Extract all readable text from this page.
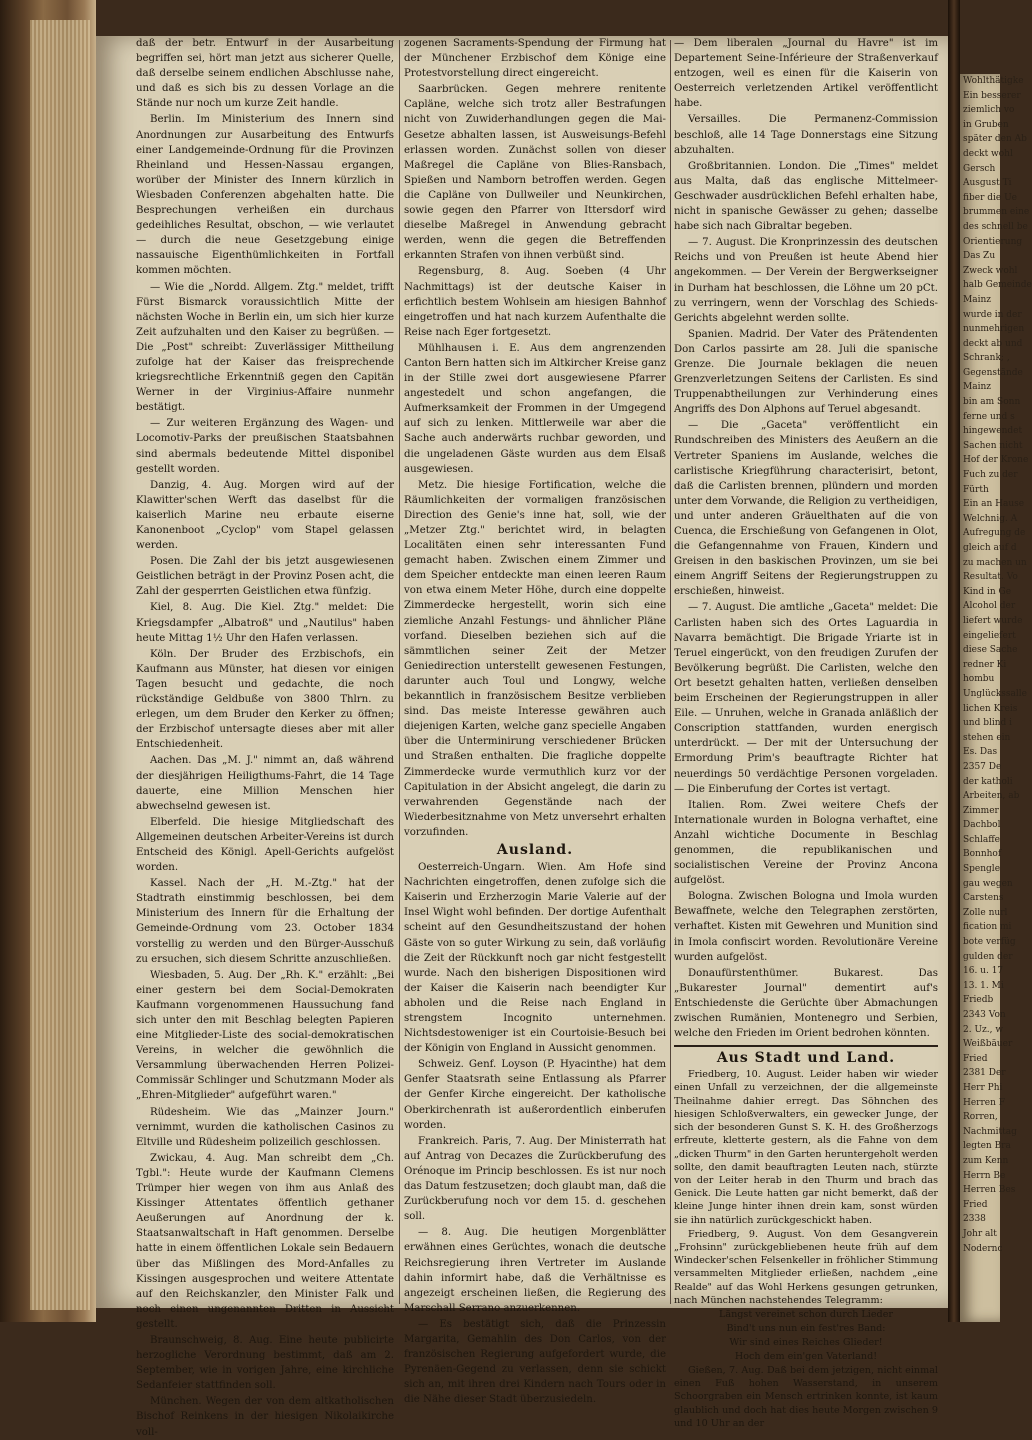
daß der betr. Entwurf in der Ausarbeitung begriffen sei, hört man jetzt aus sicherer Quelle, daß derselbe seinem endlichen Abschlusse nahe, und daß es sich bis zu dessen Vorlage an die Stände nur noch um kurze Zeit handle.

Berlin. Im Ministerium des Innern sind Anordnungen zur Ausarbeitung des Entwurfs einer Landgemeinde-Ordnung für die Provinzen Rheinland und Hessen-Nassau ergangen, worüber der Minister des Innern kürzlich in Wiesbaden Conferenzen abgehalten hatte. Die Besprechungen verheißen ein durchaus gedeihliches Resultat, obschon, — wie verlautet — durch die neue Gesetzgebung einige nassauische Eigenthümlichkeiten in Fortfall kommen möchten.

— Wie die „Nordd. Allgem. Ztg." meldet, trifft Fürst Bismarck voraussichtlich Mitte der nächsten Woche in Berlin ein, um sich hier kurze Zeit aufzuhalten und den Kaiser zu begrüßen. — Die „Post" schreibt: Zuverlässiger Mittheilung zufolge hat der Kaiser das freisprechende kriegsrechtliche Erkenntniß gegen den Capitän Werner in der Virginius-Affaire nunmehr bestätigt.

— Zur weiteren Ergänzung des Wagen- und Locomotiv-Parks der preußischen Staatsbahnen sind abermals bedeutende Mittel disponibel gestellt worden.

Danzig, 4. Aug. Morgen wird auf der Klawitter'schen Werft das daselbst für die kaiserlich Marine neu erbaute eiserne Kanonenboot „Cyclop" vom Stapel gelassen werden.

Posen. Die Zahl der bis jetzt ausgewiesenen Geistlichen beträgt in der Provinz Posen acht, die Zahl der gesperrten Geistlichen etwa fünfzig.

Kiel, 8. Aug. Die Kiel. Ztg." meldet: Die Kriegsdampfer „Albatroß" und „Nautilus" haben heute Mittag 1½ Uhr den Hafen verlassen.

Köln. Der Bruder des Erzbischofs, ein Kaufmann aus Münster, hat diesen vor einigen Tagen besucht und gedachte, die noch rückständige Geldbuße von 3800 Thlrn. zu erlegen, um dem Bruder den Kerker zu öffnen; der Erzbischof untersagte dieses aber mit aller Entschiedenheit.

Aachen. Das „M. J." nimmt an, daß während der diesjährigen Heiligthums-Fahrt, die 14 Tage dauerte, eine Million Menschen hier abwechselnd gewesen ist.

Elberfeld. Die hiesige Mitgliedschaft des Allgemeinen deutschen Arbeiter-Vereins ist durch Entscheid des Königl. Apell-Gerichts aufgelöst worden.

Kassel. Nach der „H. M.-Ztg." hat der Stadtrath einstimmig beschlossen, bei dem Ministerium des Innern für die Erhaltung der Gemeinde-Ordnung vom 23. October 1834 vorstellig zu werden und den Bürger-Ausschuß zu ersuchen, sich diesem Schritte anzuschließen.

Wiesbaden, 5. Aug. Der „Rh. K." erzählt: „Bei einer gestern bei dem Social-Demokraten Kaufmann vorgenommenen Haussuchung fand sich unter den mit Beschlag belegten Papieren eine Mitglieder-Liste des social-demokratischen Vereins, in welcher die gewöhnlich die Versammlung überwachenden Herren Polizei-Commissär Schlinger und Schutzmann Moder als „Ehren-Mitglieder" aufgeführt waren."

Rüdesheim. Wie das „Mainzer Journ." vernimmt, wurden die katholischen Casinos zu Eltville und Rüdesheim polizeilich geschlossen.

Zwickau, 4. Aug. Man schreibt dem „Ch. Tgbl.": Heute wurde der Kaufmann Clemens Trümper hier wegen von ihm aus Anlaß des Kissinger Attentates öffentlich gethaner Aeußerungen auf Anordnung der k. Staatsanwaltschaft in Haft genommen. Derselbe hatte in einem öffentlichen Lokale sein Bedauern über das Mißlingen des Mord-Anfalles zu Kissingen ausgesprochen und weitere Attentate auf den Reichskanzler, den Minister Falk und noch einen ungenannten Dritten in Aussicht gestellt.

Braunschweig, 8. Aug. Eine heute publicirte herzogliche Verordnung bestimmt, daß am 2. September, wie in vorigen Jahre, eine kirchliche Sedanfeier stattfinden soll.

München. Wegen der von dem altkatholischen Bischof Reinkens in der hiesigen Nikolaikirche voll-

zogenen Sacraments-Spendung der Firmung hat der Münchener Erzbischof dem Könige eine Protestvorstellung direct eingereicht.

Saarbrücken. Gegen mehrere renitente Capläne, welche sich trotz aller Bestrafungen nicht von Zuwiderhandlungen gegen die Mai-Gesetze abhalten lassen, ist Ausweisungs-Befehl erlassen worden. Zunächst sollen von dieser Maßregel die Capläne von Blies-Ransbach, Spießen und Namborn betroffen werden. Gegen die Capläne von Dullweiler und Neunkirchen, sowie gegen den Pfarrer von Ittersdorf wird dieselbe Maßregel in Anwendung gebracht werden, wenn die gegen die Betreffenden erkannten Strafen von ihnen verbüßt sind.

Regensburg, 8. Aug. Soeben (4 Uhr Nachmittags) ist der deutsche Kaiser in erfichtlich bestem Wohlsein am hiesigen Bahnhof eingetroffen und hat nach kurzem Aufenthalte die Reise nach Eger fortgesetzt.

Mühlhausen i. E. Aus dem angrenzenden Canton Bern hatten sich im Altkircher Kreise ganz in der Stille zwei dort ausgewiesene Pfarrer angestedelt und schon angefangen, die Aufmerksamkeit der Frommen in der Umgegend auf sich zu lenken. Mittlerweile war aber die Sache auch anderwärts ruchbar geworden, und die ungeladenen Gäste wurden aus dem Elsaß ausgewiesen.

Metz. Die hiesige Fortification, welche die Räumlichkeiten der vormaligen französischen Direction des Genie's inne hat, soll, wie der „Metzer Ztg." berichtet wird, in belagten Localitäten einen sehr interessanten Fund gemacht haben. Zwischen einem Zimmer und dem Speicher entdeckte man einen leeren Raum von etwa einem Meter Höhe, durch eine doppelte Zimmerdecke hergestellt, worin sich eine ziemliche Anzahl Festungs- und ähnlicher Pläne vorfand. Dieselben beziehen sich auf die sämmtlichen seiner Zeit der Metzer Geniedirection unterstellt gewesenen Festungen, darunter auch Toul und Longwy, welche bekanntlich in französischem Besitze verblieben sind. Das meiste Interesse gewähren auch diejenigen Karten, welche ganz specielle Angaben über die Unterminirung verschiedener Brücken und Straßen enthalten. Die fragliche doppelte Zimmerdecke wurde vermuthlich kurz vor der Capitulation in der Absicht angelegt, die darin zu verwahrenden Gegenstände nach der Wiederbesitznahme von Metz unversehrt erhalten vorzufinden.

Ausland.

Oesterreich-Ungarn. Wien. Am Hofe sind Nachrichten eingetroffen, denen zufolge sich die Kaiserin und Erzherzogin Marie Valerie auf der Insel Wight wohl befinden. Der dortige Aufenthalt scheint auf den Gesundheitszustand der hohen Gäste von so guter Wirkung zu sein, daß vorläufig die Zeit der Rückkunft noch gar nicht festgestellt wurde. Nach den bisherigen Dispositionen wird der Kaiser die Kaiserin nach beendigter Kur abholen und die Reise nach England in strengstem Incognito unternehmen. Nichtsdestoweniger ist ein Courtoisie-Besuch bei der Königin von England in Aussicht genommen.

Schweiz. Genf. Loyson (P. Hyacinthe) hat dem Genfer Staatsrath seine Entlassung als Pfarrer der Genfer Kirche eingereicht. Der katholische Oberkirchenrath ist außerordentlich einberufen worden.

Frankreich. Paris, 7. Aug. Der Ministerrath hat auf Antrag von Decazes die Zurückberufung des Orénoque im Princip beschlossen. Es ist nur noch das Datum festzusetzen; doch glaubt man, daß die Zurückberufung noch vor dem 15. d. geschehen soll.

— 8. Aug. Die heutigen Morgenblätter erwähnen eines Gerüchtes, wonach die deutsche Reichsregierung ihren Vertreter im Auslande dahin informirt habe, daß die Verhältnisse es angezeigt erscheinen ließen, die Regierung des Marschall Serrano anzuerkennen.

— Es bestätigt sich, daß die Prinzessin Margarita, Gemahlin des Don Carlos, von der französischen Regierung aufgefordert wurde, die Pyrenäen-Gegend zu verlassen, denn sie schickt sich an, mit ihren drei Kindern nach Tours oder in die Nähe dieser Stadt überzusiedeln.

— Dem liberalen „Journal du Havre" ist im Departement Seine-Inférieure der Straßenverkauf entzogen, weil es einen für die Kaiserin von Oesterreich verletzenden Artikel veröffentlicht habe.

Versailles. Die Permanenz-Commission beschloß, alle 14 Tage Donnerstags eine Sitzung abzuhalten.

Großbritannien. London. Die „Times" meldet aus Malta, daß das englische Mittelmeer-Geschwader ausdrücklichen Befehl erhalten habe, nicht in spanische Gewässer zu gehen; dasselbe habe sich nach Gibraltar begeben.

— 7. August. Die Kronprinzessin des deutschen Reichs und von Preußen ist heute Abend hier angekommen. — Der Verein der Bergwerkseigner in Durham hat beschlossen, die Löhne um 20 pCt. zu verringern, wenn der Vorschlag des Schieds-Gerichts abgelehnt werden sollte.

Spanien. Madrid. Der Vater des Prätendenten Don Carlos passirte am 28. Juli die spanische Grenze. Die Journale beklagen die neuen Grenzverletzungen Seitens der Carlisten. Es sind Truppenabtheilungen zur Verhinderung eines Angriffs des Don Alphons auf Teruel abgesandt.

— Die „Gaceta" veröffentlicht ein Rundschreiben des Ministers des Aeußern an die Vertreter Spaniens im Auslande, welches die carlistische Kriegführung characterisirt, betont, daß die Carlisten brennen, plündern und morden unter dem Vorwande, die Religion zu vertheidigen, und unter anderen Gräuelthaten auf die von Cuenca, die Erschießung von Gefangenen in Olot, die Gefangennahme von Frauen, Kindern und Greisen in den baskischen Provinzen, um sie bei einem Angriff Seitens der Regierungstruppen zu erschießen, hinweist.

— 7. August. Die amtliche „Gaceta" meldet: Die Carlisten haben sich des Ortes Laguardia in Navarra bemächtigt. Die Brigade Yriarte ist in Teruel eingerückt, von den freudigen Zurufen der Bevölkerung begrüßt. Die Carlisten, welche den Ort besetzt gehalten hatten, verließen denselben beim Erscheinen der Regierungstruppen in aller Eile. — Unruhen, welche in Granada anläßlich der Conscription stattfanden, wurden energisch unterdrückt. — Der mit der Untersuchung der Ermordung Prim's beauftragte Richter hat neuerdings 50 verdächtige Personen vorgeladen. — Die Einberufung der Cortes ist vertagt.

Italien. Rom. Zwei weitere Chefs der Internationale wurden in Bologna verhaftet, eine Anzahl wichtiche Documente in Beschlag genommen, die republikanischen und socialistischen Vereine der Provinz Ancona aufgelöst.

Bologna. Zwischen Bologna und Imola wurden Bewaffnete, welche den Telegraphen zerstörten, verhaftet. Kisten mit Gewehren und Munition sind in Imola confiscirt worden. Revolutionäre Vereine wurden aufgelöst.

Donaufürstenthümer. Bukarest. Das „Bukarester Journal" dementirt auf's Entschiedenste die Gerüchte über Abmachungen zwischen Rumänien, Montenegro und Serbien, welche den Frieden im Orient bedrohen könnten.

Aus Stadt und Land.

Friedberg, 10. August. Leider haben wir wieder einen Unfall zu verzeichnen, der die allgemeinste Theilnahme dahier erregt. Das Söhnchen des hiesigen Schloßverwalters, ein gewecker Junge, der sich der besonderen Gunst S. K. H. des Großherzogs erfreute, kletterte gestern, als die Fahne von dem „dicken Thurm" in den Garten heruntergeholt werden sollte, den damit beauftragten Leuten nach, stürzte von der Leiter herab in den Thurm und brach das Genick. Die Leute hatten gar nicht bemerkt, daß der kleine Junge hinter ihnen drein kam, sonst würden sie ihn natürlich zurückgeschickt haben.

Friedberg, 9. August. Von dem Gesangverein „Frohsinn" zurückgebliebenen heute früh auf dem Windecker'schen Felsenkeller in fröhlicher Stimmung versammelten Mitglieder erließen, nachdem „eine Realde" auf das Wohl Herkens gesungen getrunken, nach München nachstehendes Telegramm:

Längst vereinet schon durch Lieder

Bind't uns nun ein fest'res Band:

Wir sind eines Reiches Glieder!

Hoch dem ein'gen Vaterland!

Gießen, 7. Aug. Daß bei dem jetzigen, nicht einmal einen Fuß hohen Wasserstand, in unserem Schoorgraben ein Mensch ertrinken konnte, ist kaum glaublich und doch hat dies heute Morgen zwischen 9 und 10 Uhr an der

Wohlthätigke
Ein besserer
ziemlich vo
in Gruben
später den Ab
deckt wohl
Gersch
Ausgust Ti
fiber die Ue
brummen eine
des schnell be
Orientierung
Das Zu
Zweck wohl
halb Gemeinde
Mainz
wurde in der
nunmehrigen
deckt ab und
Schrank; ,
Gegenstände
Mainz
bin am Sonn
ferne und s
hingewendet
Sachen nicht
Hof der Krone
Fuch zu der
Fürth
Ein an Hause
Welchnig. A
Aufregung de
gleich auf d
zu machen un
Resultat. Vo
Kind in Ge
Alcohol der
liefert wurde
eingeliefert
diese Sache
redner Ki
hombu
Unglückssalle
lichen Kreis
und blind i
stehen ein
Es. Das
2357 De
der katholi
Arbeiten, ab
Zimmer
Dachbol
Schlaffe
Bonnhof
Spengle
gau wegen
Carstens
Zolle nurl
fication mi
bote verfüg
gulden der
16. u. 17
13. 1. Mi
Friedb
2343 Von
2. Uz., w
Weißbäuer
Fried
2381 Der
Herr Phi
Herren F
Rorren,
Nachmittag
legten Bra
zum Kenn
Herrn Be
Herren Bes
Fried
2338
Johr alt
Nodernc
